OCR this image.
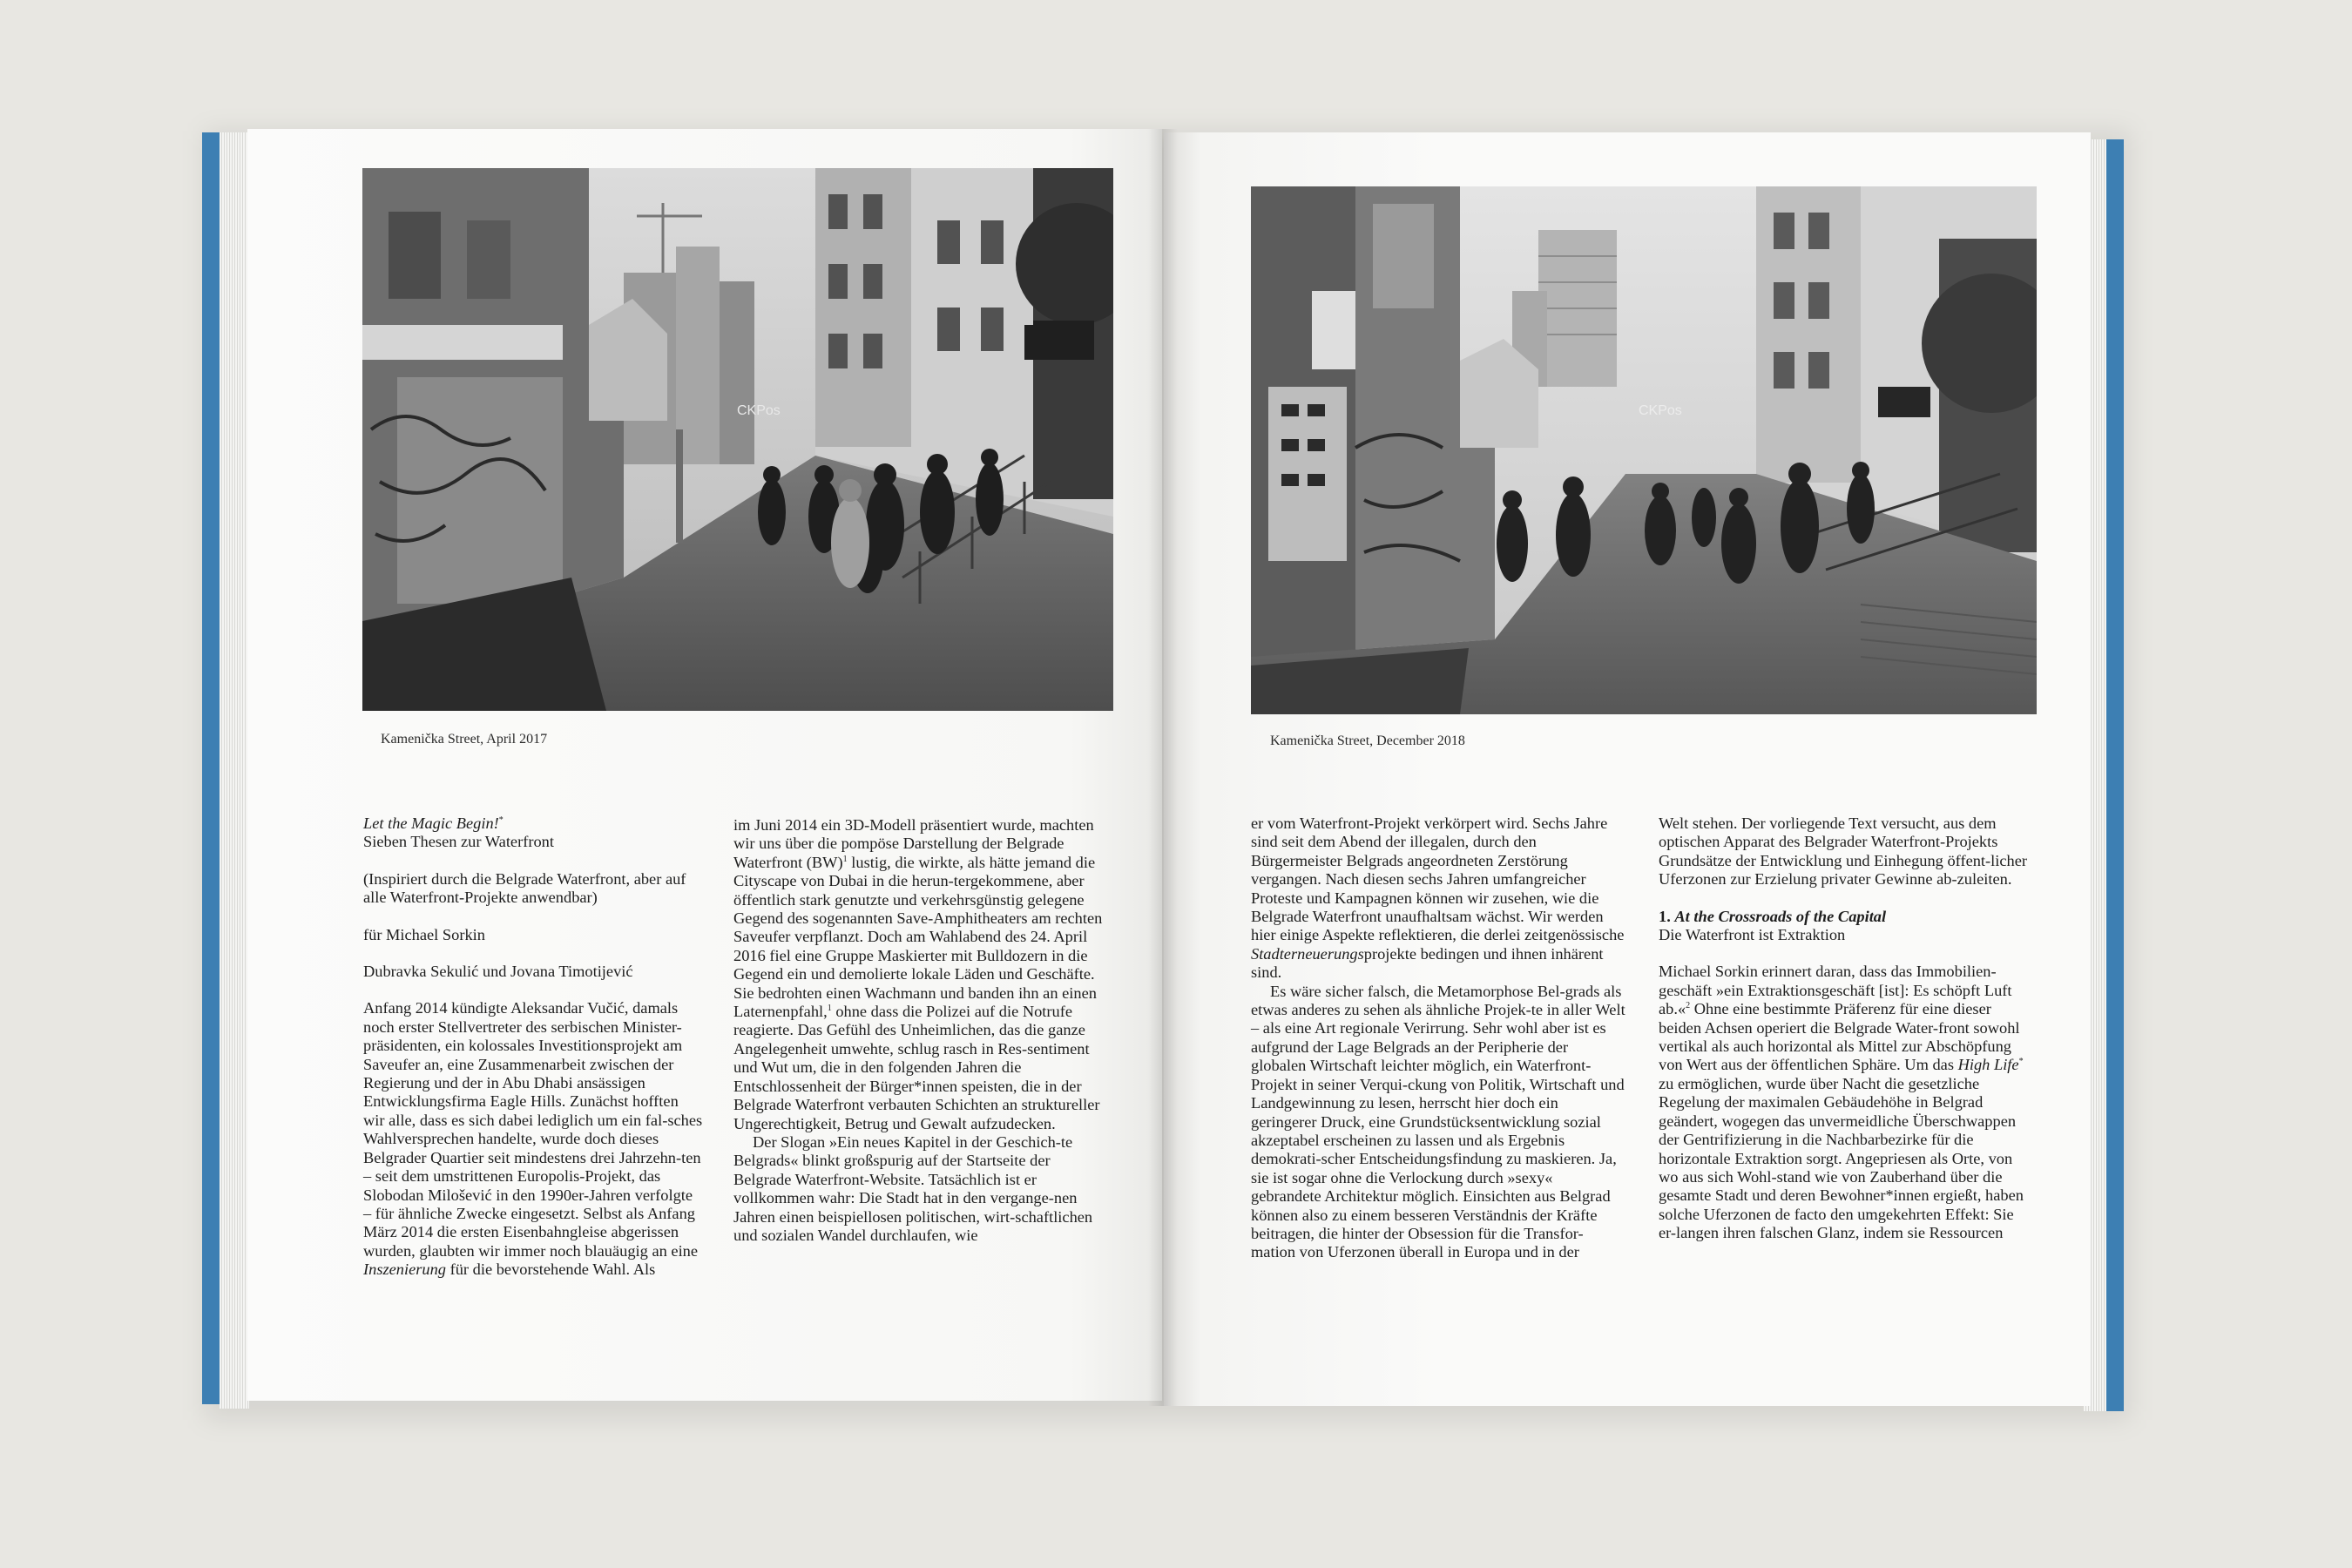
CKPos
Kamenička Street, April 2017
CKPos
Kamenička Street, December 2018

Let the Magic Begin!*
Sieben Thesen zur Waterfront

(Inspiriert durch die Belgrade Waterfront, aber auf alle Waterfront-Projekte anwendbar)

für Michael Sorkin

Dubravka Sekulić und Jovana Timotijević

Anfang 2014 kündigte Aleksandar Vučić, damals noch erster Stellvertreter des serbischen Minister-präsidenten, ein kolossales Investitionsprojekt am Saveufer an, eine Zusammenarbeit zwischen der Regierung und der in Abu Dhabi ansässigen Entwicklungsfirma Eagle Hills. Zunächst hofften wir alle, dass es sich dabei lediglich um ein fal-sches Wahlversprechen handelte, wurde doch dieses Belgrader Quartier seit mindestens drei Jahrzehn-ten – seit dem umstrittenen Europolis-Projekt, das Slobodan Milošević in den 1990er-Jahren verfolgte – für ähnliche Zwecke eingesetzt. Selbst als Anfang März 2014 die ersten Eisenbahngleise abgerissen wurden, glaubten wir immer noch blauäugig an eine Inszenierung für die bevorstehende Wahl. Als

im Juni 2014 ein 3D-Modell präsentiert wurde, machten wir uns über die pompöse Darstellung der Belgrade Waterfront (BW)$^1$ lustig, die wirkte, als hätte jemand die Cityscape von Dubai in die herun-tergekommene, aber öffentlich stark genutzte und verkehrsgünstig gelegene Gegend des sogenannten Save-Amphitheaters am rechten Saveufer verpflanzt. Doch am Wahlabend des 24. April 2016 fiel eine Gruppe Maskierter mit Bulldozern in die Gegend ein und demolierte lokale Läden und Geschäfte. Sie bedrohten einen Wachmann und banden ihn an einen Laternenpfahl,$^1$ ohne dass die Polizei auf die Notrufe reagierte. Das Gefühl des Unheimlichen, das die ganze Angelegenheit umwehte, schlug rasch in Res-sentiment und Wut um, die in den folgenden Jahren die Entschlossenheit der Bürger*innen speisten, die in der Belgrade Waterfront verbauten Schichten an struktureller Ungerechtigkeit, Betrug und Gewalt aufzudecken.

Der Slogan »Ein neues Kapitel in der Geschich-te Belgrads« blinkt großspurig auf der Startseite der Belgrade Waterfront-Website. Tatsächlich ist er vollkommen wahr: Die Stadt hat in den vergange-nen Jahren einen beispiellosen politischen, wirt-schaftlichen und sozialen Wandel durchlaufen, wie

er vom Waterfront-Projekt verkörpert wird. Sechs Jahre sind seit dem Abend der illegalen, durch den Bürgermeister Belgrads angeordneten Zerstörung vergangen. Nach diesen sechs Jahren umfangreicher Proteste und Kampagnen können wir zusehen, wie die Belgrade Waterfront unaufhaltsam wächst. Wir werden hier einige Aspekte reflektieren, die derlei zeitgenössische Stadterneuerungsprojekte bedingen und ihnen inhärent sind.

Es wäre sicher falsch, die Metamorphose Bel-grads als etwas anderes zu sehen als ähnliche Projek-te in aller Welt – als eine Art regionale Verirrung. Sehr wohl aber ist es aufgrund der Lage Belgrads an der Peripherie der globalen Wirtschaft leichter möglich, ein Waterfront-Projekt in seiner Verqui-ckung von Politik, Wirtschaft und Landgewinnung zu lesen, herrscht hier doch ein geringerer Druck, eine Grundstücksentwicklung sozial akzeptabel erscheinen zu lassen und als Ergebnis demokrati-scher Entscheidungsfindung zu maskieren. Ja, sie ist sogar ohne die Verlockung durch »sexy« gebrandete Architektur möglich. Einsichten aus Belgrad können also zu einem besseren Verständnis der Kräfte beitragen, die hinter der Obsession für die Transfor-mation von Uferzonen überall in Europa und in der

Welt stehen. Der vorliegende Text versucht, aus dem optischen Apparat des Belgrader Waterfront-Projekts Grundsätze der Entwicklung und Einhegung öffent-licher Uferzonen zur Erzielung privater Gewinne ab-zuleiten.

1. At the Crossroads of the Capital
Die Waterfront ist Extraktion

Michael Sorkin erinnert daran, dass das Immobilien-geschäft »ein Extraktionsgeschäft [ist]: Es schöpft Luft ab.«$^2$ Ohne eine bestimmte Präferenz für eine dieser beiden Achsen operiert die Belgrade Water-front sowohl vertikal als auch horizontal als Mittel zur Abschöpfung von Wert aus der öffentlichen Sphäre. Um das High Life* zu ermöglichen, wurde über Nacht die gesetzliche Regelung der maximalen Gebäudehöhe in Belgrad geändert, wogegen das unvermeidliche Überschwappen der Gentrifizierung in die Nachbarbezirke für die horizontale Extraktion sorgt. Angepriesen als Orte, von wo aus sich Wohl-stand wie von Zauberhand über die gesamte Stadt und deren Bewohner*innen ergießt, haben solche Uferzonen de facto den umgekehrten Effekt: Sie er-langen ihren falschen Glanz, indem sie Ressourcen
